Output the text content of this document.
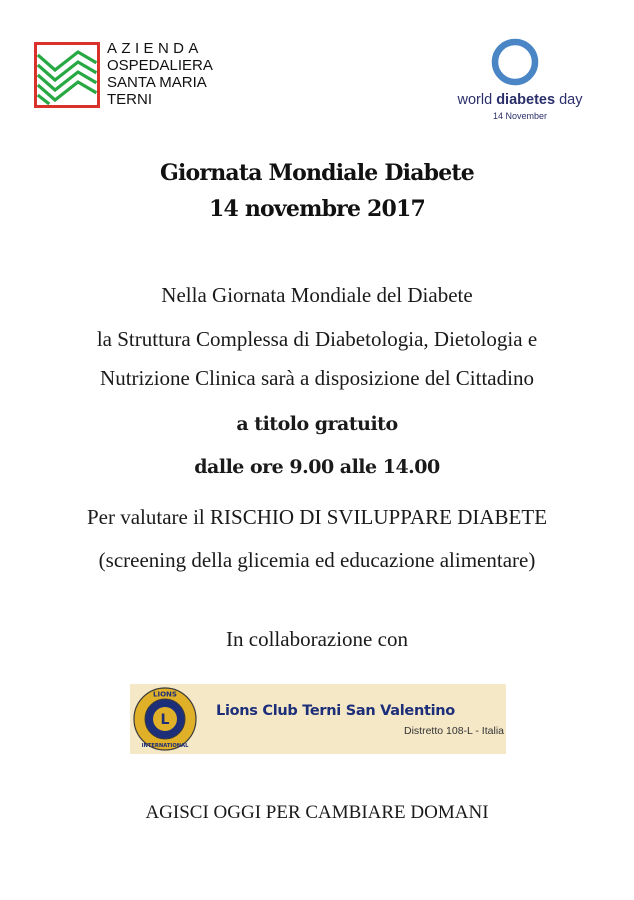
AZIENDA
OSPEDALIERA
SANTA MARIA
TERNI	world diabetes day
14 November
Giornata Mondiale Diabete
14 novembre 2017
Nella Giornata Mondiale del Diabete
la Struttura Complessa di Diabetologia, Dietologia e
Nutrizione Clinica sarà a disposizione del Cittadino
a titolo gratuito
dalle ore 9.00 alle 14.00
Per valutare il RISCHIO DI SVILUPPARE DIABETE
(screening della glicemia ed educazione alimentare)
In collaborazione con
L
LIONS
INTERNATIONAL
Lions Club Terni San Valentino
Distretto 108-L - Italia
AGISCI OGGI PER CAMBIARE DOMANI
